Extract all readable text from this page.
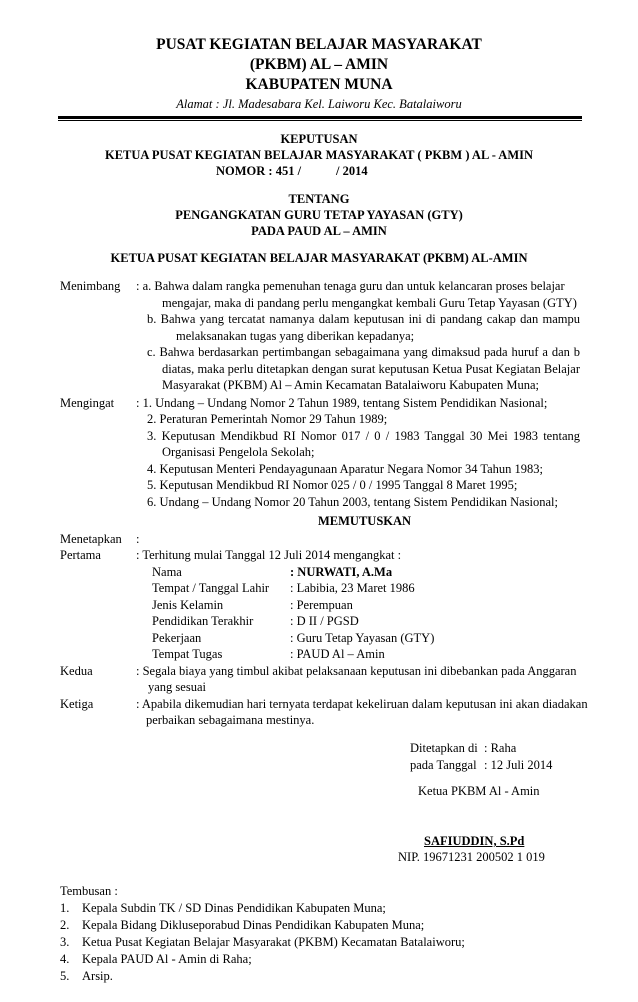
PUSAT KEGIATAN BELAJAR MASYARAKAT
(PKBM) AL – AMIN
KABUPATEN MUNA
Alamat : Jl. Madesabara Kel. Laiworu Kec. Batalaiworu
KEPUTUSAN
KETUA PUSAT KEGIATAN BELAJAR MASYARAKAT ( PKBM ) AL - AMIN
NOMOR : 451 /	/ 2014
TENTANG
PENGANGKATAN GURU TETAP YAYASAN (GTY)
PADA PAUD AL – AMIN
KETUA PUSAT KEGIATAN BELAJAR MASYARAKAT (PKBM) AL-AMIN
Menimbang : a. Bahwa dalam rangka pemenuhan tenaga guru dan untuk kelancaran proses belajar
mengajar, maka di pandang perlu mengangkat kembali Guru Tetap Yayasan (GTY)
b. Bahwa yang tercatat namanya dalam keputusan ini di pandang cakap dan mampu
melaksanakan tugas yang diberikan kepadanya;
c. Bahwa berdasarkan pertimbangan sebagaimana yang dimaksud pada huruf a dan b
diatas, maka perlu ditetapkan dengan surat keputusan Ketua Pusat Kegiatan Belajar
Masyarakat (PKBM) Al – Amin Kecamatan Batalaiworu Kabupaten Muna;
Mengingat : 1. Undang – Undang Nomor 2 Tahun 1989, tentang Sistem Pendidikan Nasional;
2. Peraturan Pemerintah Nomor 29 Tahun 1989;
3. Keputusan Mendikbud RI Nomor 017 / 0 / 1983 Tanggal 30 Mei 1983 tentang
Organisasi Pengelola Sekolah;
4. Keputusan Menteri Pendayagunaan Aparatur Negara Nomor 34 Tahun 1983;
5. Keputusan Mendikbud RI Nomor 025 / 0 / 1995 Tanggal 8 Maret 1995;
6. Undang – Undang Nomor 20 Tahun 2003, tentang Sistem Pendidikan Nasional;
MEMUTUSKAN
Menetapkan :
Pertama	: Terhitung mulai Tanggal 12 Juli 2014 mengangkat :
Nama	: NURWATI, A.Ma
Tempat / Tanggal Lahir : Labibia, 23 Maret 1986
Jenis Kelamin	: Perempuan
Pendidikan Terakhir	: D II / PGSD
Pekerjaan	: Guru Tetap Yayasan (GTY)
Tempat Tugas	: PAUD Al – Amin
Kedua	: Segala biaya yang timbul akibat pelaksanaan keputusan ini dibebankan pada Anggaran
yang sesuai
Ketiga	: Apabila dikemudian hari ternyata terdapat kekeliruan dalam keputusan ini akan diadakan
perbaikan sebagaimana mestinya.
Ditetapkan di : Raha
pada Tanggal : 12 Juli 2014
Ketua PKBM Al - Amin
SAFIUDDIN, S.Pd
NIP. 19671231 200502 1 019
Tembusan :
1. Kepala Subdin TK / SD Dinas Pendidikan Kabupaten Muna;
2. Kepala Bidang Dikluseporabud Dinas Pendidikan Kabupaten Muna;
3. Ketua Pusat Kegiatan Belajar Masyarakat (PKBM) Kecamatan Batalaiworu;
4. Kepala PAUD Al - Amin di Raha;
5. Arsip.
